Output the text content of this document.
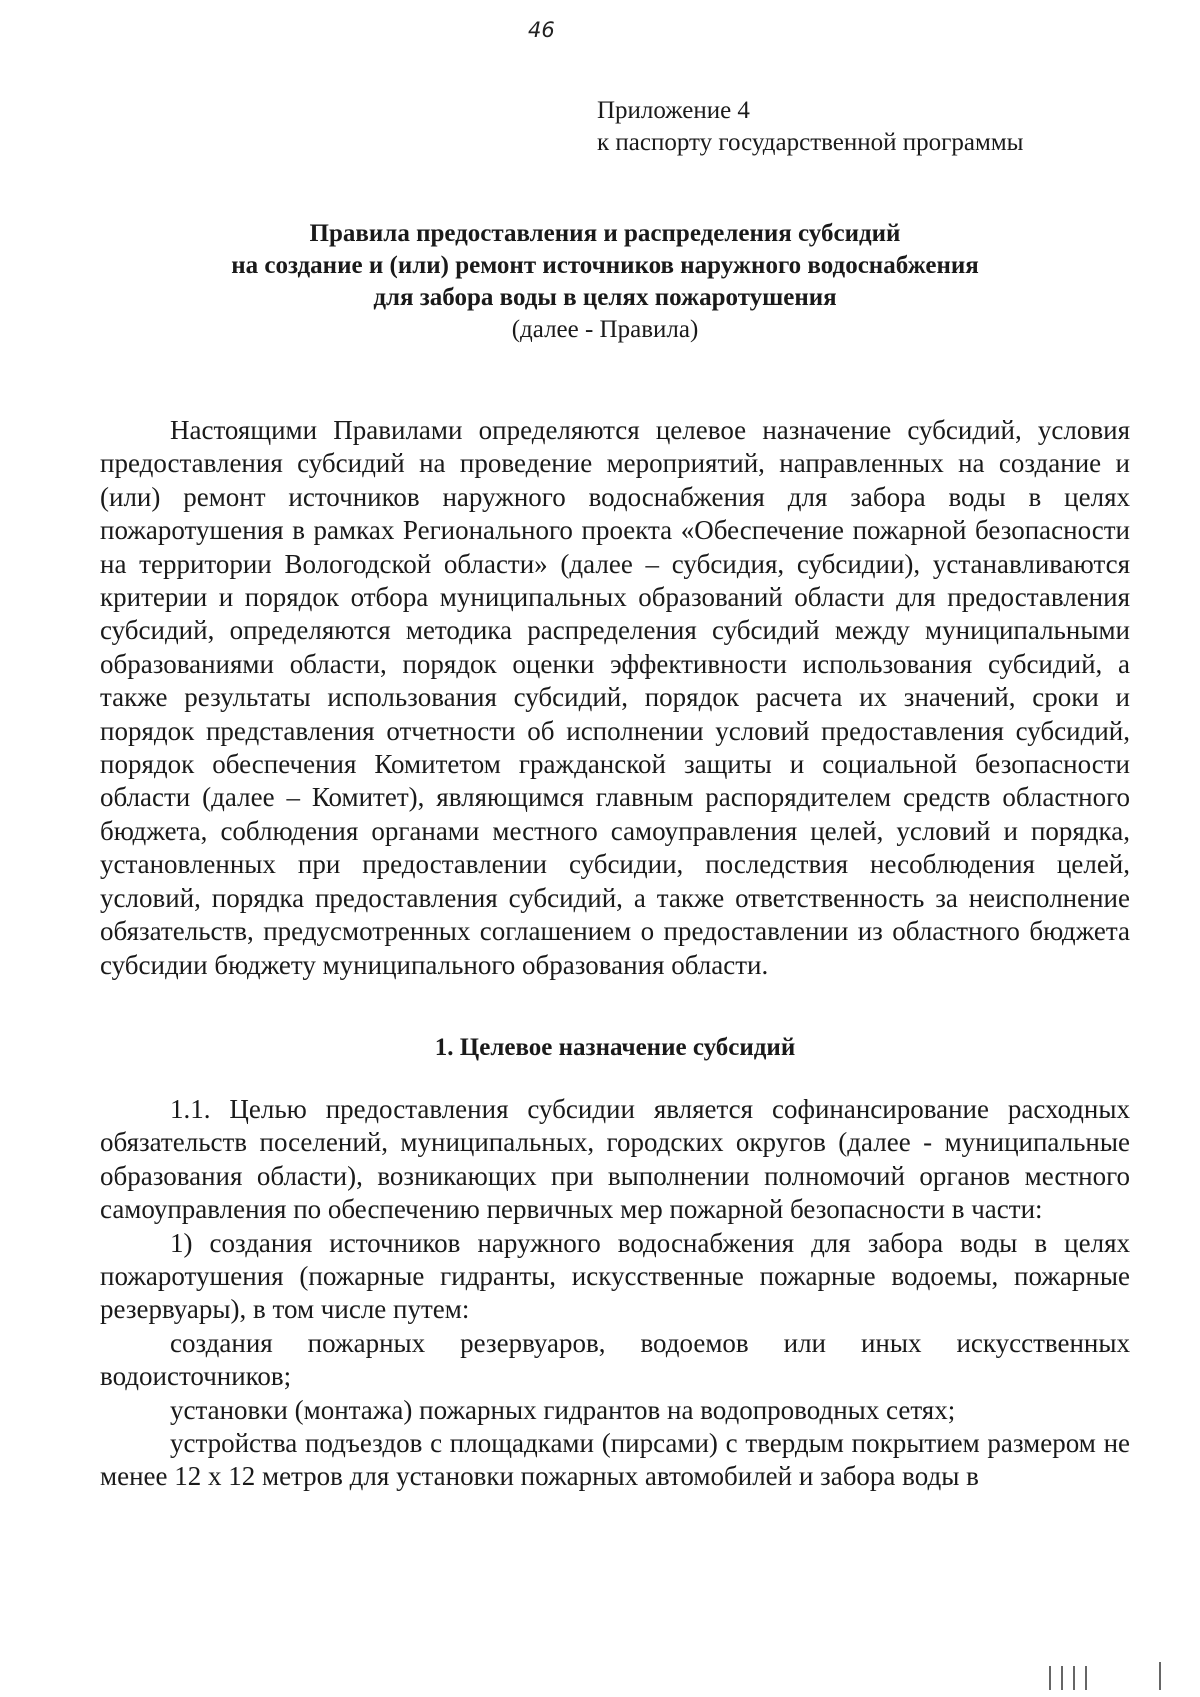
46
Приложение 4
к паспорту государственной программы
Правила предоставления и распределения субсидий
на создание и (или) ремонт источников наружного водоснабжения
для забора воды в целях пожаротушения
(далее - Правила)

Настоящими Правилами определяются целевое назначение субсидий, условия предоставления субсидий на проведение мероприятий, направленных на создание и (или) ремонт источников наружного водоснабжения для забора воды в целях пожаротушения в рамках Регионального проекта «Обеспечение пожарной безопасности на территории Вологодской области» (далее – субсидия, субсидии), устанавливаются критерии и порядок отбора муниципальных образований области для предоставления субсидий, определяются методика распределения субсидий между муниципальными образованиями области, порядок оценки эффективности использования субсидий, а также результаты использования субсидий, порядок расчета их значений, сроки и порядок представления отчетности об исполнении условий предоставления субсидий, порядок обеспечения Комитетом гражданской защиты и социальной безопасности области (далее – Комитет), являющимся главным распорядителем средств областного бюджета, соблюдения органами местного самоуправления целей, условий и порядка, установленных при предоставлении субсидии, последствия несоблюдения целей, условий, порядка предоставления субсидий, а также ответственность за неисполнение обязательств, предусмотренных соглашением о предоставлении из областного бюджета субсидии бюджету муниципального образования области.

1. Целевое назначение субсидий

1.1. Целью предоставления субсидии является софинансирование расходных обязательств поселений, муниципальных, городских округов (далее - муниципальные образования области), возникающих при выполнении полномочий органов местного самоуправления по обеспечению первичных мер пожарной безопасности в части:

1) создания источников наружного водоснабжения для забора воды в целях пожаротушения (пожарные гидранты, искусственные пожарные водоемы, пожарные резервуары), в том числе путем:

создания пожарных резервуаров, водоемов или иных искусственных водоисточников;

установки (монтажа) пожарных гидрантов на водопроводных сетях;

устройства подъездов с площадками (пирсами) с твердым покрытием размером не менее 12 х 12 метров для установки пожарных автомобилей и забора воды в
